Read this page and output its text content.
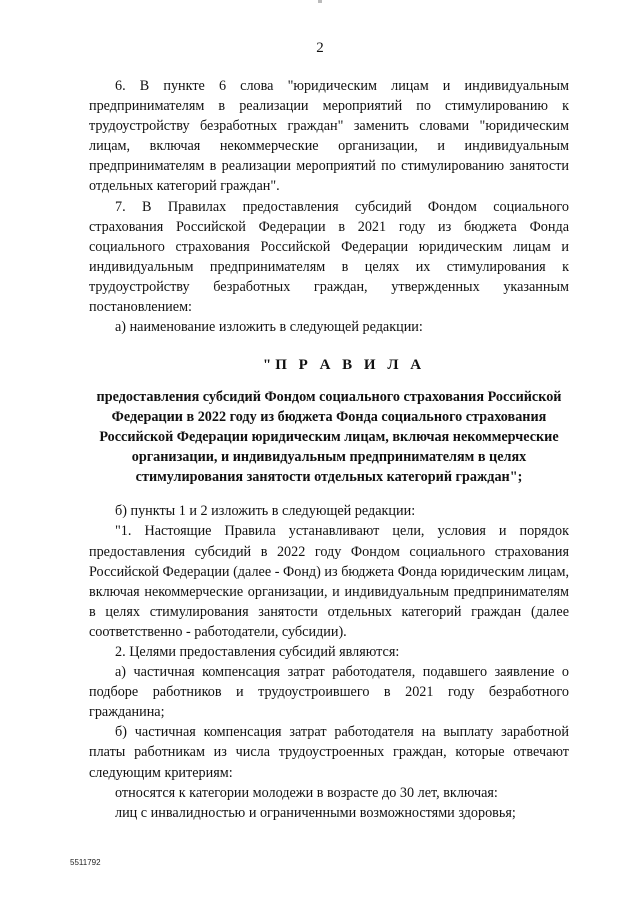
2

6. В пункте 6 слова "юридическим лицам и индивидуальным предпринимателям в реализации мероприятий по стимулированию к трудоустройству безработных граждан" заменить словами "юридическим лицам, включая некоммерческие организации, и индивидуальным предпринимателям в реализации мероприятий по стимулированию занятости отдельных категорий граждан".

7. В Правилах предоставления субсидий Фондом социального страхования Российской Федерации в 2021 году из бюджета Фонда социального страхования Российской Федерации юридическим лицам и индивидуальным предпринимателям в целях их стимулирования к трудоустройству безработных граждан, утвержденных указанным постановлением:

а) наименование изложить в следующей редакции:

"П Р А В И Л А
предоставления субсидий Фондом социального страхования Российской Федерации в 2022 году из бюджета Фонда социального страхования Российской Федерации юридическим лицам, включая некоммерческие организации, и индивидуальным предпринимателям в целях стимулирования занятости отдельных категорий граждан";

б) пункты 1 и 2 изложить в следующей редакции:

"1. Настоящие Правила устанавливают цели, условия и порядок предоставления субсидий в 2022 году Фондом социального страхования Российской Федерации (далее - Фонд) из бюджета Фонда юридическим лицам, включая некоммерческие организации, и индивидуальным предпринимателям в целях стимулирования занятости отдельных категорий граждан (далее соответственно - работодатели, субсидии).

2. Целями предоставления субсидий являются:

а) частичная компенсация затрат работодателя, подавшего заявление о подборе работников и трудоустроившего в 2021 году безработного гражданина;

б) частичная компенсация затрат работодателя на выплату заработной платы работникам из числа трудоустроенных граждан, которые отвечают следующим критериям:

относятся к категории молодежи в возрасте до 30 лет, включая:

лиц с инвалидностью и ограниченными возможностями здоровья;

5511792
